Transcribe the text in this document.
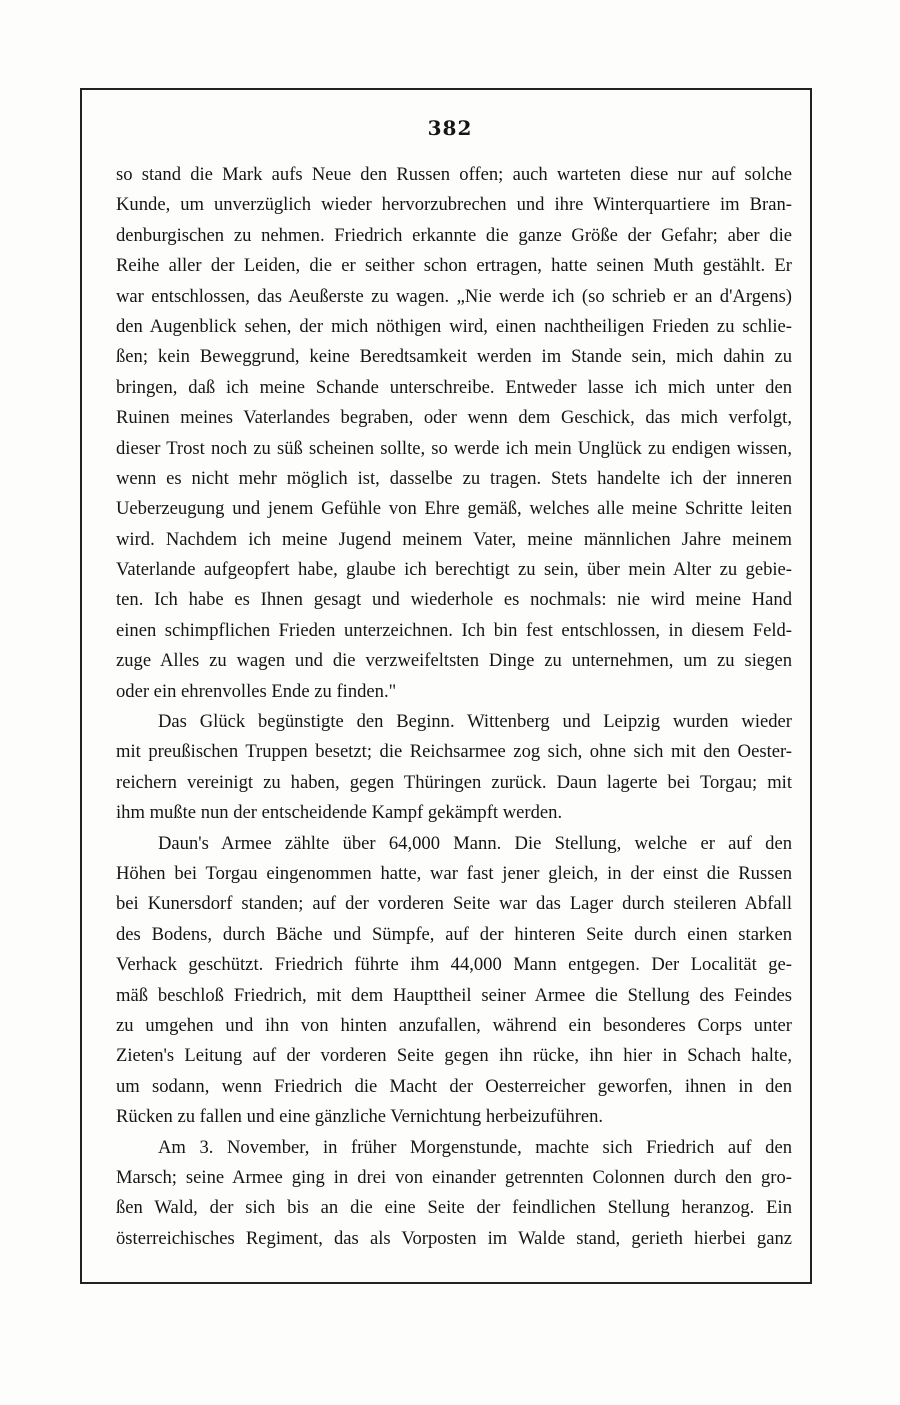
382
so stand die Mark aufs Neue den Russen offen; auch warteten diese nur auf solche
Kunde, um unverzüglich wieder hervorzubrechen und ihre Winterquartiere im Bran-
denburgischen zu nehmen. Friedrich erkannte die ganze Größe der Gefahr; aber die
Reihe aller der Leiden, die er seither schon ertragen, hatte seinen Muth gestählt. Er
war entschlossen, das Aeußerste zu wagen. „Nie werde ich (so schrieb er an d'Argens)
den Augenblick sehen, der mich nöthigen wird, einen nachtheiligen Frieden zu schlie-
ßen; kein Beweggrund, keine Beredtsamkeit werden im Stande sein, mich dahin zu
bringen, daß ich meine Schande unterschreibe. Entweder lasse ich mich unter den
Ruinen meines Vaterlandes begraben, oder wenn dem Geschick, das mich verfolgt,
dieser Trost noch zu süß scheinen sollte, so werde ich mein Unglück zu endigen wissen,
wenn es nicht mehr möglich ist, dasselbe zu tragen. Stets handelte ich der inneren
Ueberzeugung und jenem Gefühle von Ehre gemäß, welches alle meine Schritte leiten
wird. Nachdem ich meine Jugend meinem Vater, meine männlichen Jahre meinem
Vaterlande aufgeopfert habe, glaube ich berechtigt zu sein, über mein Alter zu gebie-
ten. Ich habe es Ihnen gesagt und wiederhole es nochmals: nie wird meine Hand
einen schimpflichen Frieden unterzeichnen. Ich bin fest entschlossen, in diesem Feld-
zuge Alles zu wagen und die verzweifeltsten Dinge zu unternehmen, um zu siegen
oder ein ehrenvolles Ende zu finden."
Das Glück begünstigte den Beginn. Wittenberg und Leipzig wurden wieder
mit preußischen Truppen besetzt; die Reichsarmee zog sich, ohne sich mit den Oester-
reichern vereinigt zu haben, gegen Thüringen zurück. Daun lagerte bei Torgau; mit
ihm mußte nun der entscheidende Kampf gekämpft werden.
Daun's Armee zählte über 64,000 Mann. Die Stellung, welche er auf den
Höhen bei Torgau eingenommen hatte, war fast jener gleich, in der einst die Russen
bei Kunersdorf standen; auf der vorderen Seite war das Lager durch steileren Abfall
des Bodens, durch Bäche und Sümpfe, auf der hinteren Seite durch einen starken
Verhack geschützt. Friedrich führte ihm 44,000 Mann entgegen. Der Localität ge-
mäß beschloß Friedrich, mit dem Haupttheil seiner Armee die Stellung des Feindes
zu umgehen und ihn von hinten anzufallen, während ein besonderes Corps unter
Zieten's Leitung auf der vorderen Seite gegen ihn rücke, ihn hier in Schach halte,
um sodann, wenn Friedrich die Macht der Oesterreicher geworfen, ihnen in den
Rücken zu fallen und eine gänzliche Vernichtung herbeizuführen.
Am 3. November, in früher Morgenstunde, machte sich Friedrich auf den
Marsch; seine Armee ging in drei von einander getrennten Colonnen durch den gro-
ßen Wald, der sich bis an die eine Seite der feindlichen Stellung heranzog. Ein
österreichisches Regiment, das als Vorposten im Walde stand, gerieth hierbei ganz
